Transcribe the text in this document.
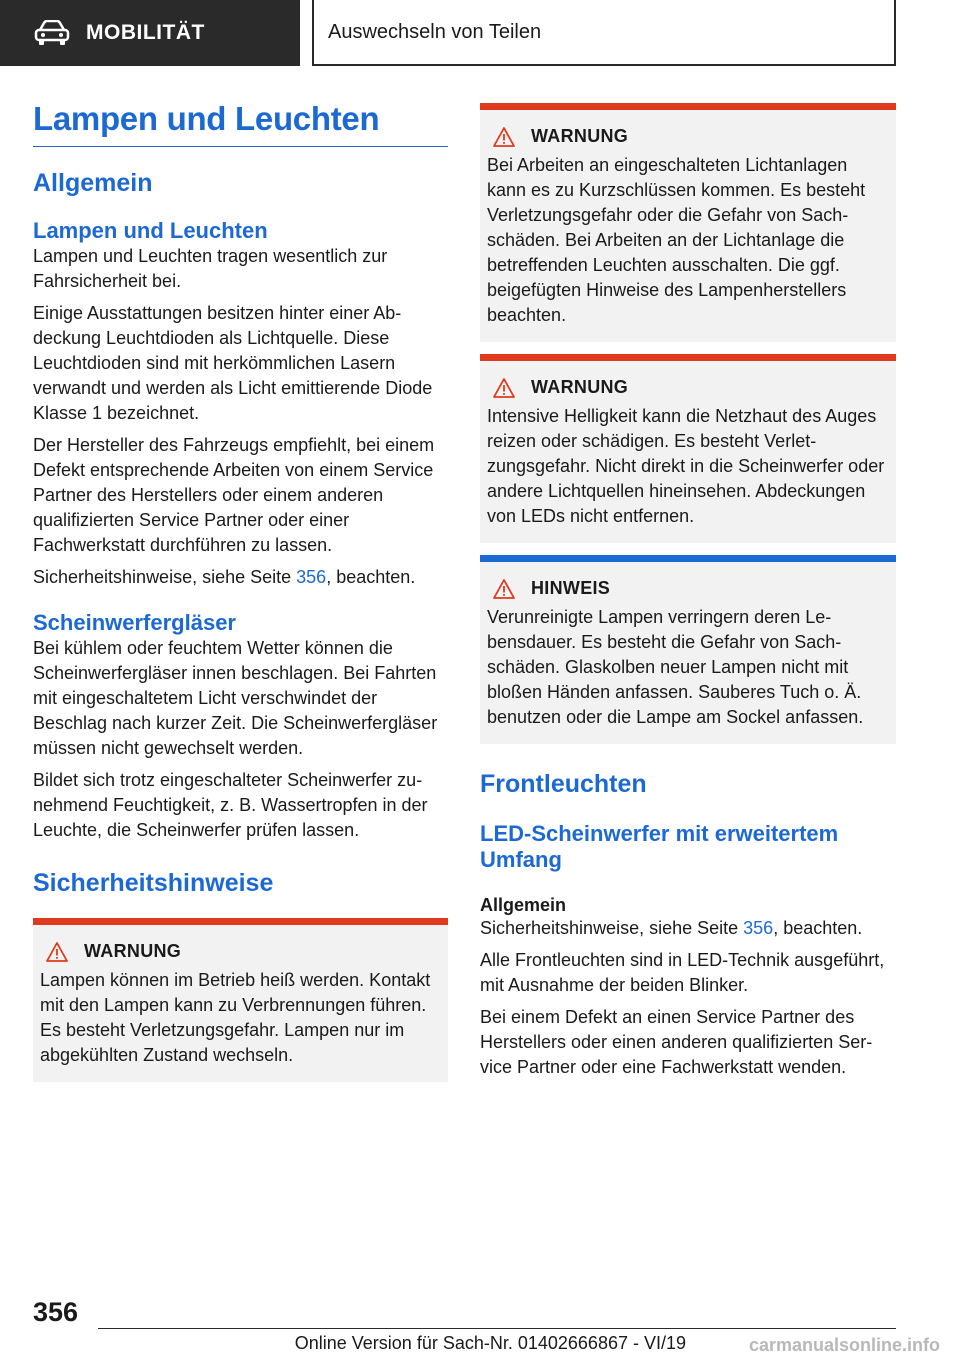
MOBILITÄT	Auswechseln von Teilen
Lampen und Leuchten
Allgemein
Lampen und Leuchten

Lampen und Leuchten tragen wesentlich zur Fahrsicherheit bei.

Einige Ausstattungen besitzen hinter einer Abdeckung Leuchtdioden als Lichtquelle. Diese Leuchtdioden sind mit herkömmlichen Lasern verwandt und werden als Licht emittierende Diode Klasse 1 bezeichnet.

Der Hersteller des Fahrzeugs empfiehlt, bei einem Defekt entsprechende Arbeiten von einem Service Partner des Herstellers oder einem anderen qualifizierten Service Partner oder einer Fachwerkstatt durchführen zu lassen.

Sicherheitshinweise, siehe Seite 356, beachten.

Scheinwerfergläser

Bei kühlem oder feuchtem Wetter können die Scheinwerfergläser innen beschlagen. Bei Fahrten mit eingeschaltetem Licht verschwindet der Beschlag nach kurzer Zeit. Die Scheinwerfergläser müssen nicht gewechselt werden.

Bildet sich trotz eingeschalteter Scheinwerfer zunehmend Feuchtigkeit, z. B. Wassertropfen in der Leuchte, die Scheinwerfer prüfen lassen.

Sicherheitshinweise
WARNUNG

Lampen können im Betrieb heiß werden. Kontakt mit den Lampen kann zu Verbrennungen führen. Es besteht Verletzungsgefahr. Lampen nur im abgekühlten Zustand wechseln.

WARNUNG

Bei Arbeiten an eingeschalteten Lichtanlagen kann es zu Kurzschlüssen kommen. Es besteht Verletzungsgefahr oder die Gefahr von Sachschäden. Bei Arbeiten an der Lichtanlage die betreffenden Leuchten ausschalten. Die ggf. beigefügten Hinweise des Lampenherstellers beachten.

WARNUNG

Intensive Helligkeit kann die Netzhaut des Auges reizen oder schädigen. Es besteht Verletzungsgefahr. Nicht direkt in die Scheinwerfer oder andere Lichtquellen hineinsehen. Abdeckungen von LEDs nicht entfernen.

HINWEIS

Verunreinigte Lampen verringern deren Lebensdauer. Es besteht die Gefahr von Sachschäden. Glaskolben neuer Lampen nicht mit bloßen Händen anfassen. Sauberes Tuch o. Ä. benutzen oder die Lampe am Sockel anfassen.

Frontleuchten
LED-Scheinwerfer mit erweitertem Umfang
Allgemein

Sicherheitshinweise, siehe Seite 356, beachten.

Alle Frontleuchten sind in LED-Technik ausgeführt, mit Ausnahme der beiden Blinker.

Bei einem Defekt an einen Service Partner des Herstellers oder einen anderen qualifizierten Service Partner oder eine Fachwerkstatt wenden.

356
Online Version für Sach-Nr. 01402666867 - VI/19	carmanualsonline.info
